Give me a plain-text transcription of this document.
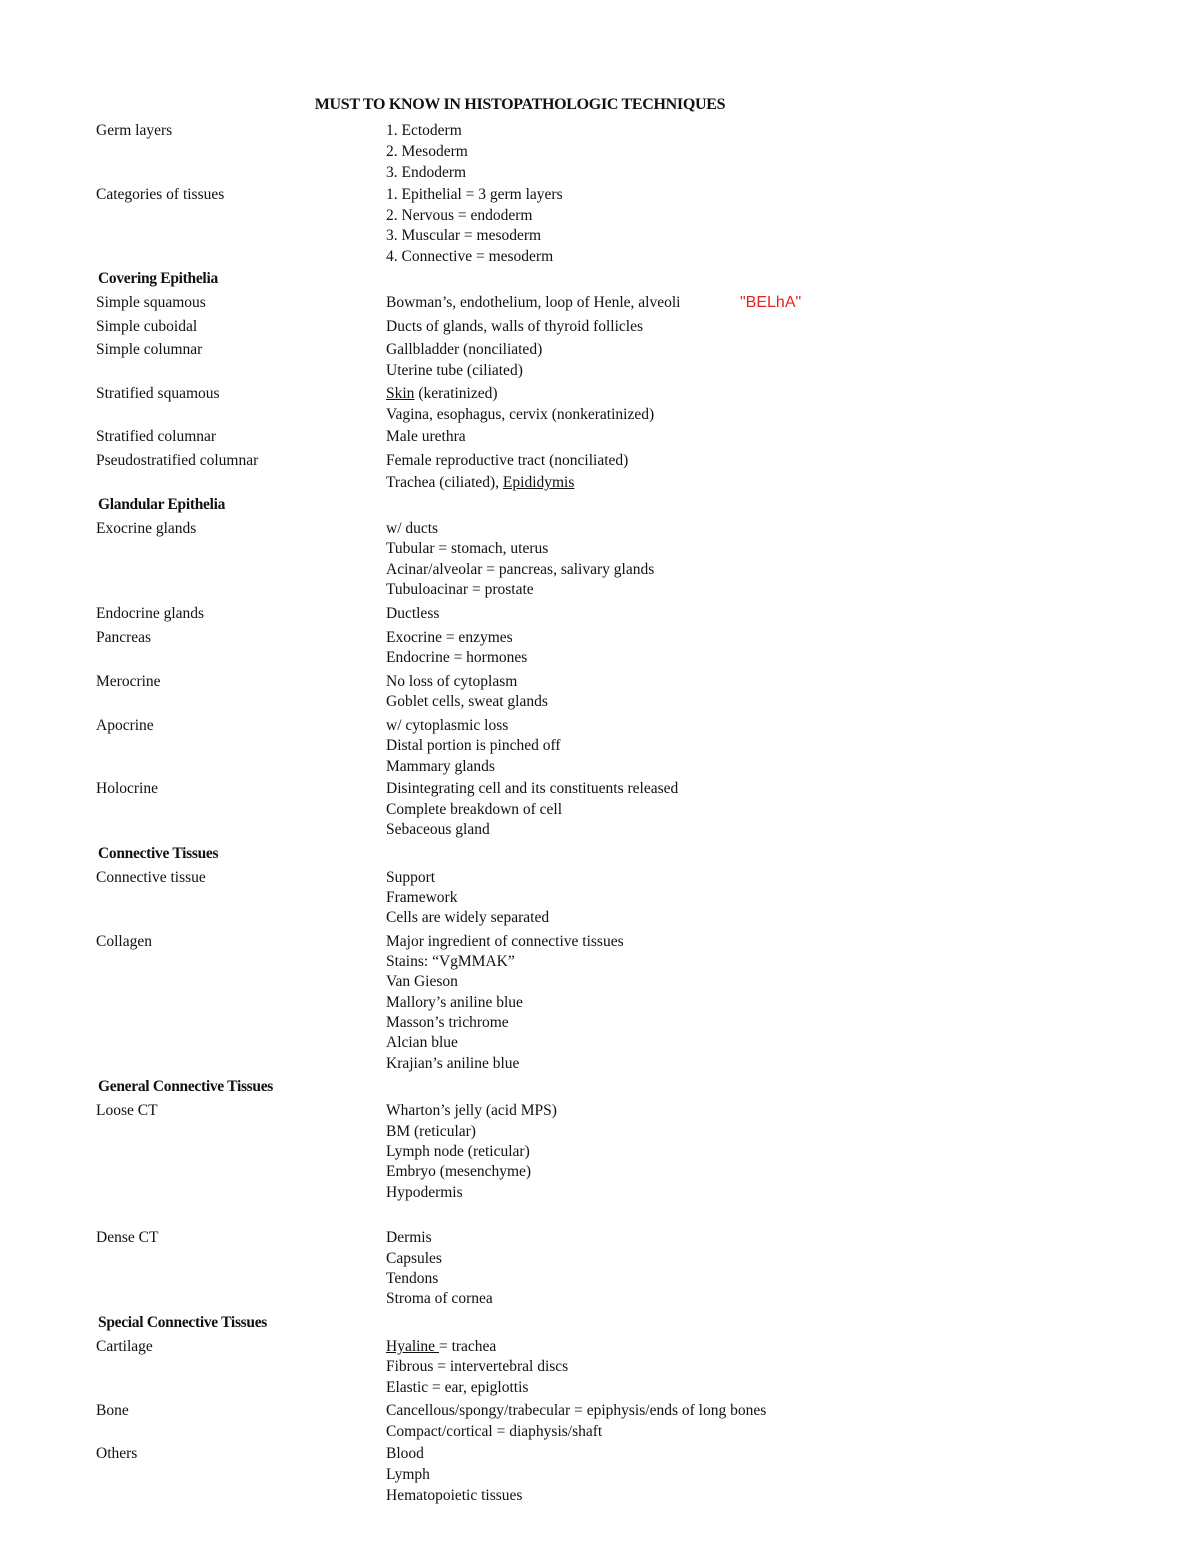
MUST TO KNOW IN HISTOPATHOLOGIC TECHNIQUES
Germ layers	1. Ectoderm
2. Mesoderm
3. Endoderm
Categories of tissues	1. Epithelial = 3 germ layers
2. Nervous = endoderm
3. Muscular = mesoderm
4. Connective = mesoderm
Covering Epithelia
Simple squamous	Bowman’s, endothelium, loop of Henle, alveoli	"BELhA"
Simple cuboidal	Ducts of glands, walls of thyroid follicles
Simple columnar	Gallbladder (nonciliated)
Uterine tube (ciliated)
Stratified squamous	Skin (keratinized)
Vagina, esophagus, cervix (nonkeratinized)
Stratified columnar	Male urethra
Pseudostratified columnar	Female reproductive tract (nonciliated)
Trachea (ciliated), Epididymis
Glandular Epithelia
Exocrine glands	w/ ducts
Tubular = stomach, uterus
Acinar/alveolar = pancreas, salivary glands
Tubuloacinar = prostate
Endocrine glands	Ductless
Pancreas	Exocrine = enzymes
Endocrine = hormones
Merocrine	No loss of cytoplasm
Goblet cells, sweat glands
Apocrine	w/ cytoplasmic loss
Distal portion is pinched off
Mammary glands
Holocrine	Disintegrating cell and its constituents released
Complete breakdown of cell
Sebaceous gland
Connective Tissues
Connective tissue	Support
Framework
Cells are widely separated
Collagen	Major ingredient of connective tissues
Stains: “VgMMAK”
Van Gieson
Mallory’s aniline blue
Masson’s trichrome
Alcian blue
Krajian’s aniline blue
General Connective Tissues
Loose CT	Wharton’s jelly (acid MPS)
BM (reticular)
Lymph node (reticular)
Embryo (mesenchyme)
Hypodermis
Dense CT	Dermis
Capsules
Tendons
Stroma of cornea
Special Connective Tissues
Cartilage	Hyaline = trachea
Fibrous = intervertebral discs
Elastic = ear, epiglottis
Bone	Cancellous/spongy/trabecular = epiphysis/ends of long bones
Compact/cortical = diaphysis/shaft
Others	Blood
Lymph
Hematopoietic tissues
